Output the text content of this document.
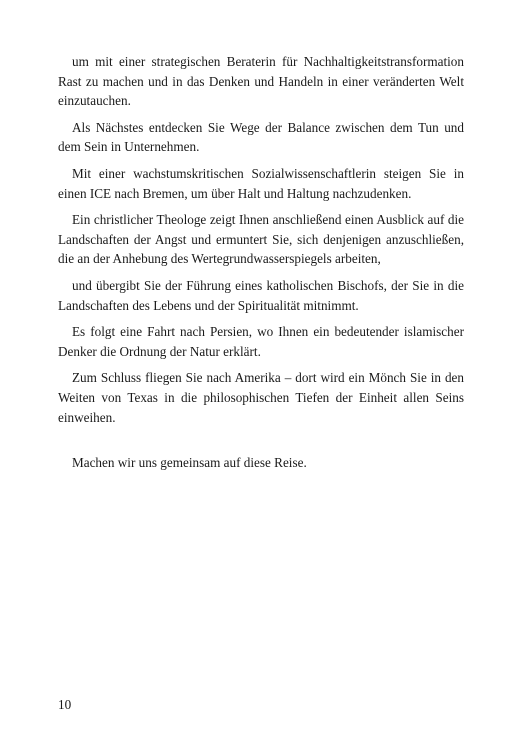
um mit einer strategischen Beraterin für Nachhaltigkeitstransformation Rast zu machen und in das Denken und Handeln in einer veränderten Welt einzutauchen.

Als Nächstes entdecken Sie Wege der Balance zwischen dem Tun und dem Sein in Unternehmen.

Mit einer wachstumskritischen Sozialwissenschaftlerin steigen Sie in einen ICE nach Bremen, um über Halt und Haltung nachzudenken.

Ein christlicher Theologe zeigt Ihnen anschließend einen Ausblick auf die Landschaften der Angst und ermuntert Sie, sich denjenigen anzuschließen, die an der Anhebung des Wertegrundwasserspiegels arbeiten,

und übergibt Sie der Führung eines katholischen Bischofs, der Sie in die Landschaften des Lebens und der Spiritualität mitnimmt.

Es folgt eine Fahrt nach Persien, wo Ihnen ein bedeutender islamischer Denker die Ordnung der Natur erklärt.

Zum Schluss fliegen Sie nach Amerika – dort wird ein Mönch Sie in den Weiten von Texas in die philosophischen Tiefen der Einheit allen Seins einweihen.

Machen wir uns gemeinsam auf diese Reise.

10
